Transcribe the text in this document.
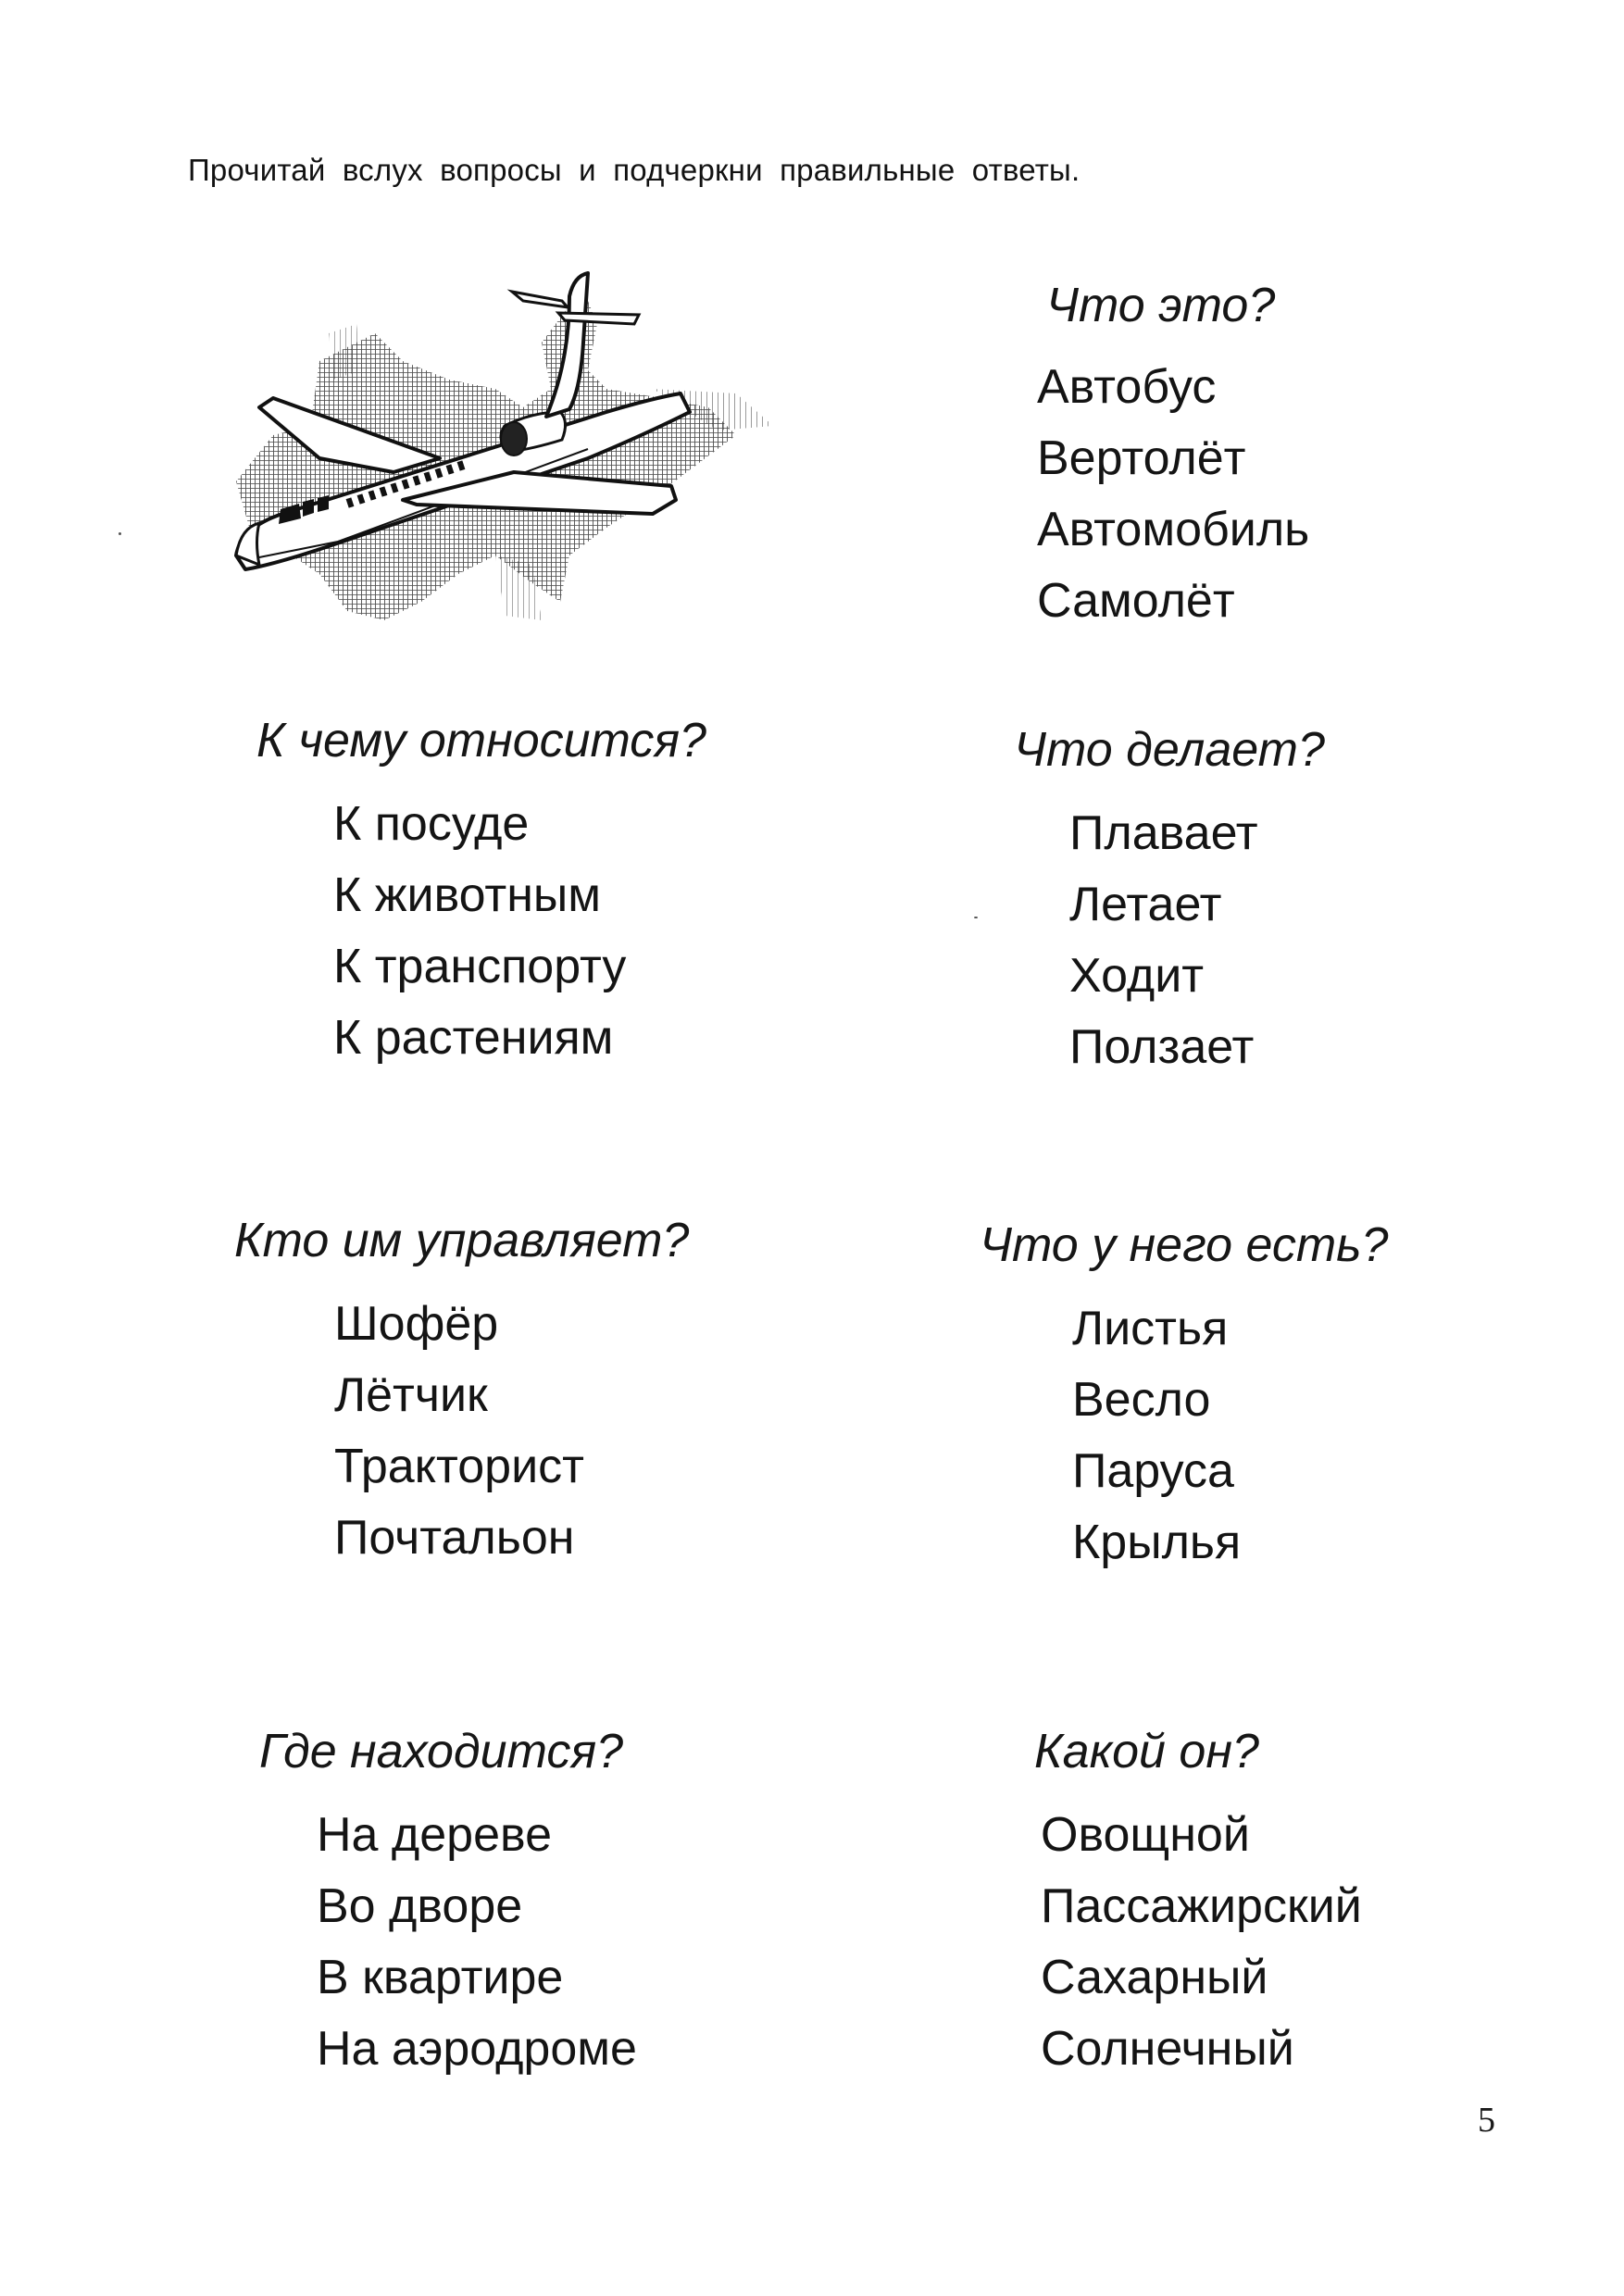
Прочитай вслух вопросы и подчеркни правильные ответы.
Что это?
Автобус
Вертолёт
Автомобиль
Самолёт
К чему относится?
К посуде
К животным
К транспорту
К растениям
Что делает?
Плавает
Летает
Ходит
Ползает
Кто им управляет?
Шофёр
Лётчик
Тракторист
Почтальон
Что у него есть?
Листья
Весло
Паруса
Крылья
Где находится?
На дереве
Во дворе
В квартире
На аэродроме
Какой он?
Овощной
Пассажирский
Сахарный
Солнечный
5
